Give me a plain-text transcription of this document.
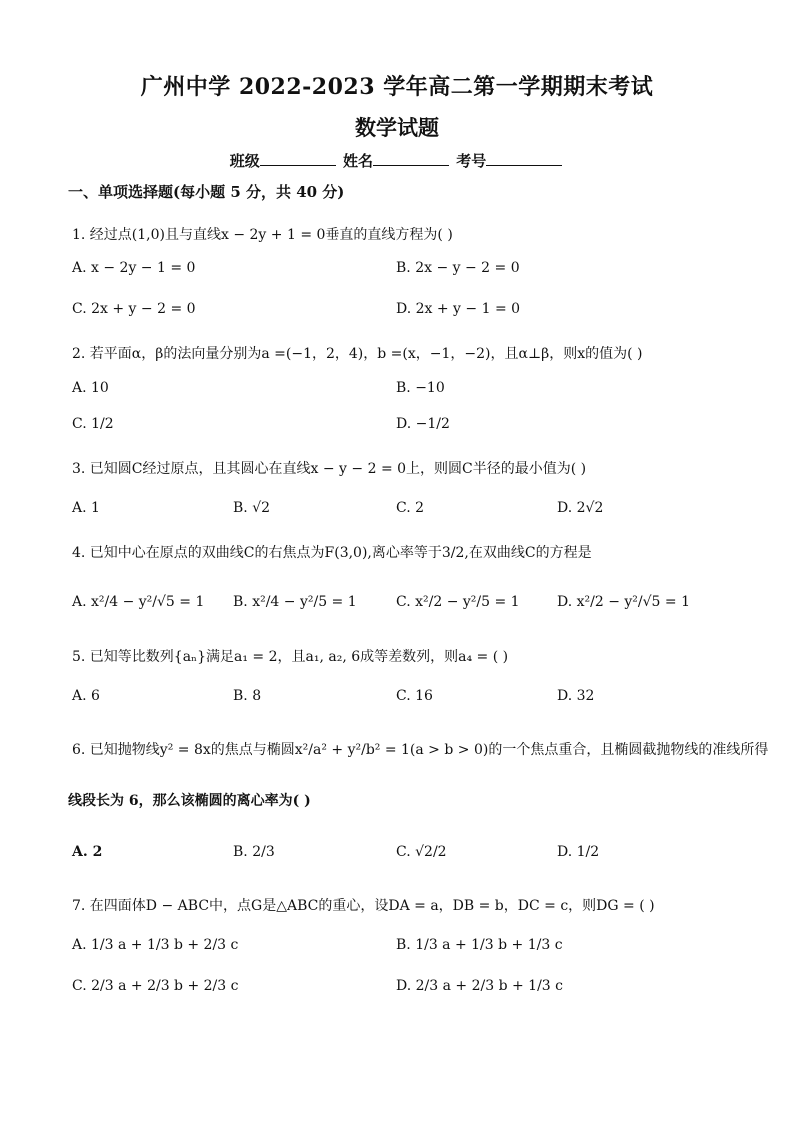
广州中学 2022-2023 学年高二第一学期期末考试
数学试题
班级	姓名	考号
一、单项选择题(每小题 5 分，共 40 分)
1. 经过点(1,0)且与直线x − 2y + 1 = 0垂直的直线方程为( )
A. x − 2y − 1 = 0	B. 2x − y − 2 = 0
C. 2x + y − 2 = 0	D. 2x + y − 1 = 0
2. 若平面α，β的法向量分别为a =(−1，2，4)，b =(x，−1，−2)，且α⊥β，则x的值为( )
A. 10	B. −10
C. 1/2	D. −1/2
3. 已知圆C经过原点，且其圆心在直线x − y − 2 = 0上，则圆C半径的最小值为( )
A. 1	B. √2	C. 2	D. 2√2
4. 已知中心在原点的双曲线C的右焦点为F(3,0),离心率等于3/2,在双曲线C的方程是
A. x²/4 − y²/√5 = 1 B. x²/4 − y²/5 = 1	C. x²/2 − y²/5 = 1	D. x²/2 − y²/√5 = 1
5. 已知等比数列{aₙ}满足a₁ = 2，且a₁, a₂, 6成等差数列，则a₄ = ( )
A. 6	B. 8	C. 16	D. 32
6. 已知抛物线y² = 8x的焦点与椭圆x²/a² + y²/b² = 1(a > b > 0)的一个焦点重合，且椭圆截抛物线的准线所得
线段长为 6，那么该椭圆的离心率为( )
A. 2	B. 2/3	C. √2/2	D. 1/2
7. 在四面体D − ABC中，点G是△ABC的重心，设DA = a，DB = b，DC = c，则DG = ( )
A. 1/3 a + 1/3 b + 2/3 c	B. 1/3 a + 1/3 b + 1/3 c
C. 2/3 a + 2/3 b + 2/3 c	D. 2/3 a + 2/3 b + 1/3 c
